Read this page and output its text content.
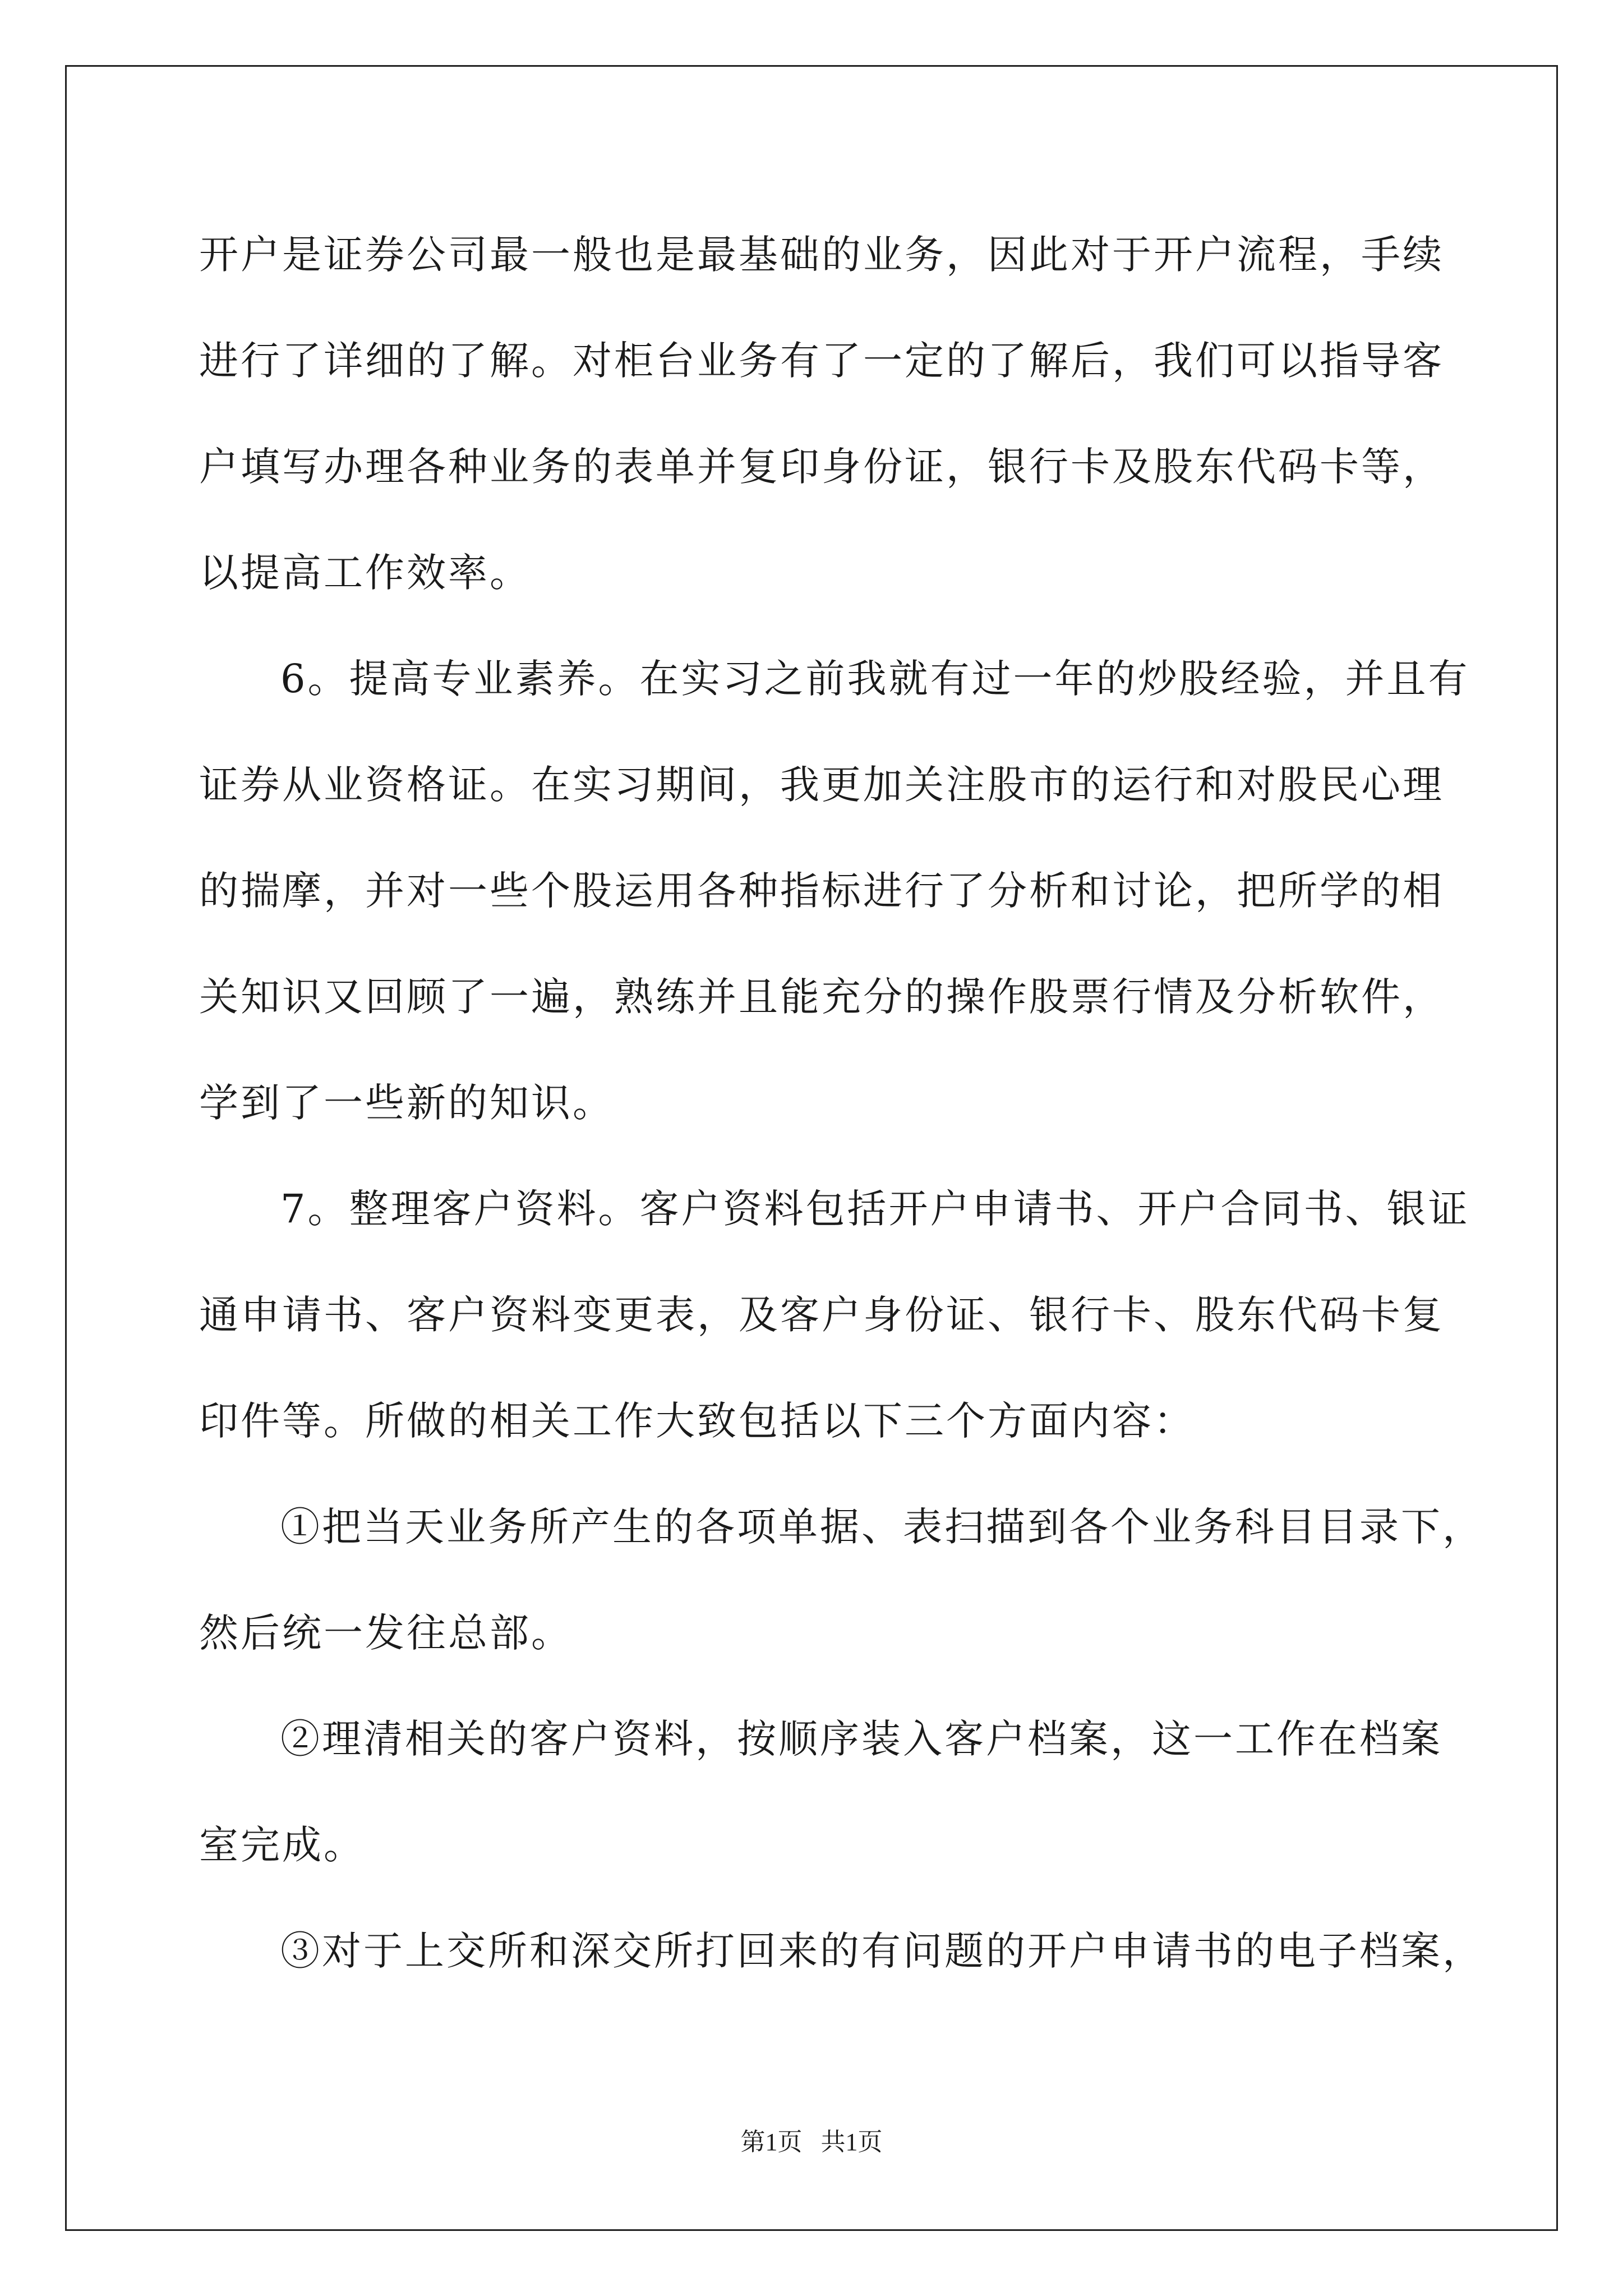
开户是证券公司最一般也是最基础的业务，因此对于开户流程，手续
进行了详细的了解。对柜台业务有了一定的了解后，我们可以指导客
户填写办理各种业务的表单并复印身份证，银行卡及股东代码卡等，
以提高工作效率。
6。提高专业素养。在实习之前我就有过一年的炒股经验，并且有
证券从业资格证。在实习期间，我更加关注股市的运行和对股民心理
的揣摩，并对一些个股运用各种指标进行了分析和讨论，把所学的相
关知识又回顾了一遍，熟练并且能充分的操作股票行情及分析软件，
学到了一些新的知识。
7。整理客户资料。客户资料包括开户申请书、开户合同书、银证
通申请书、客户资料变更表，及客户身份证、银行卡、股东代码卡复
印件等。所做的相关工作大致包括以下三个方面内容：
①把当天业务所产生的各项单据、表扫描到各个业务科目目录下，
然后统一发往总部。
②理清相关的客户资料，按顺序装入客户档案，这一工作在档案
室完成。
③对于上交所和深交所打回来的有问题的开户申请书的电子档案，
第1页   共1页
